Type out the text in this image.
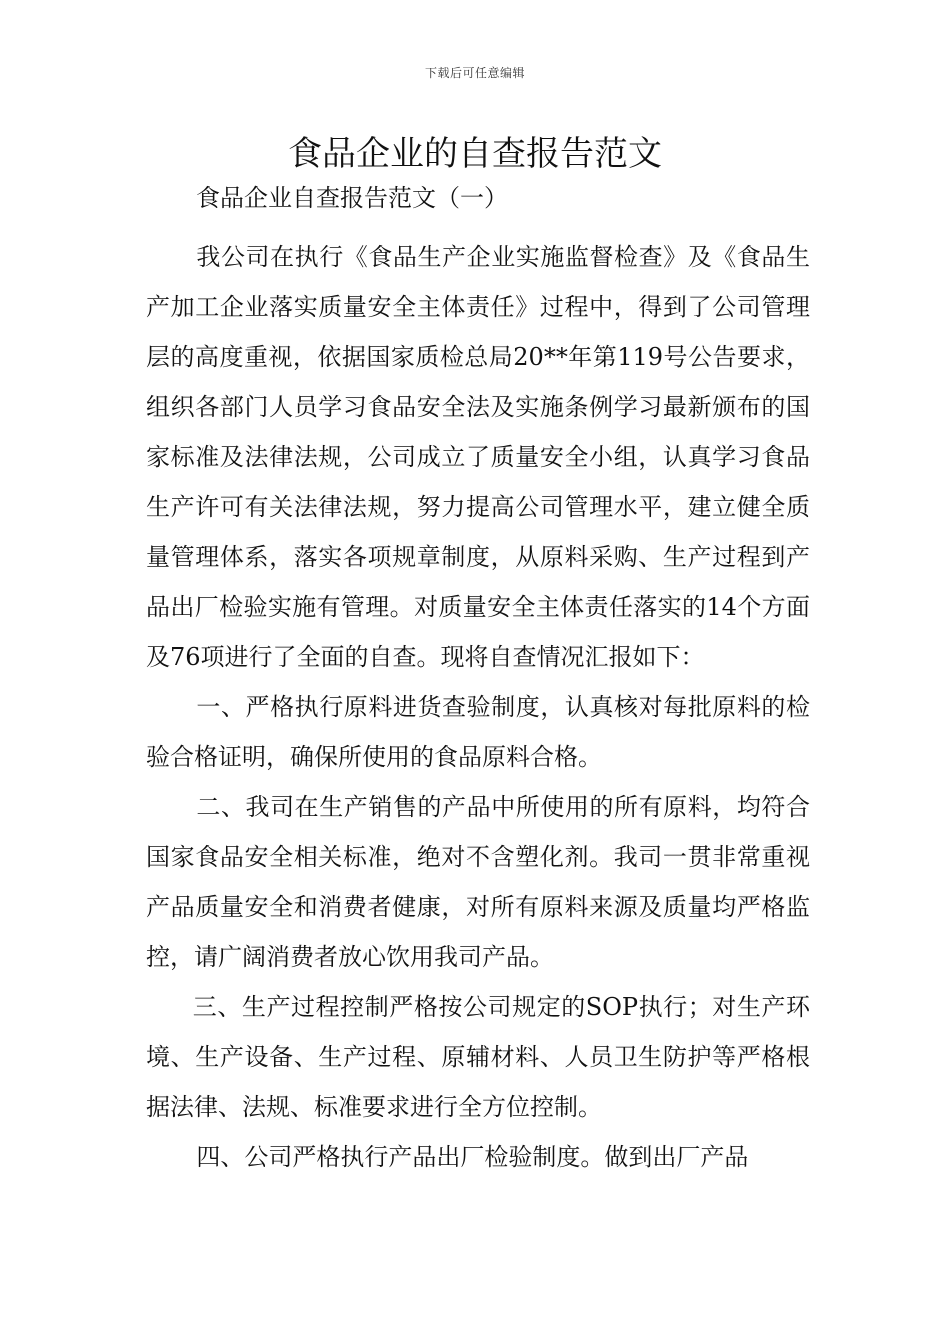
下载后可任意编辑
食品企业的自查报告范文

食品企业自查报告范文（一）

我公司在执行《食品生产企业实施监督检查》及《食品生产加工企业落实质量安全主体责任》过程中，得到了公司管理层的高度重视，依据国家质检总局20**年第119号公告要求，组织各部门人员学习食品安全法及实施条例学习最新颁布的国家标准及法律法规，公司成立了质量安全小组，认真学习食品生产许可有关法律法规，努力提高公司管理水平，建立健全质量管理体系，落实各项规章制度，从原料采购、生产过程到产品出厂检验实施有管理。对质量安全主体责任落实的14个方面及76项进行了全面的自查。现将自查情况汇报如下：

一、严格执行原料进货查验制度，认真核对每批原料的检验合格证明，确保所使用的食品原料合格。

二、我司在生产销售的产品中所使用的所有原料，均符合国家食品安全相关标准，绝对不含塑化剂。我司一贯非常重视产品质量安全和消费者健康，对所有原料来源及质量均严格监控，请广阔消费者放心饮用我司产品。

三、生产过程控制严格按公司规定的SOP执行；对生产环境、生产设备、生产过程、原辅材料、人员卫生防护等严格根据法律、法规、标准要求进行全方位控制。

四、公司严格执行产品出厂检验制度。做到出厂产品
